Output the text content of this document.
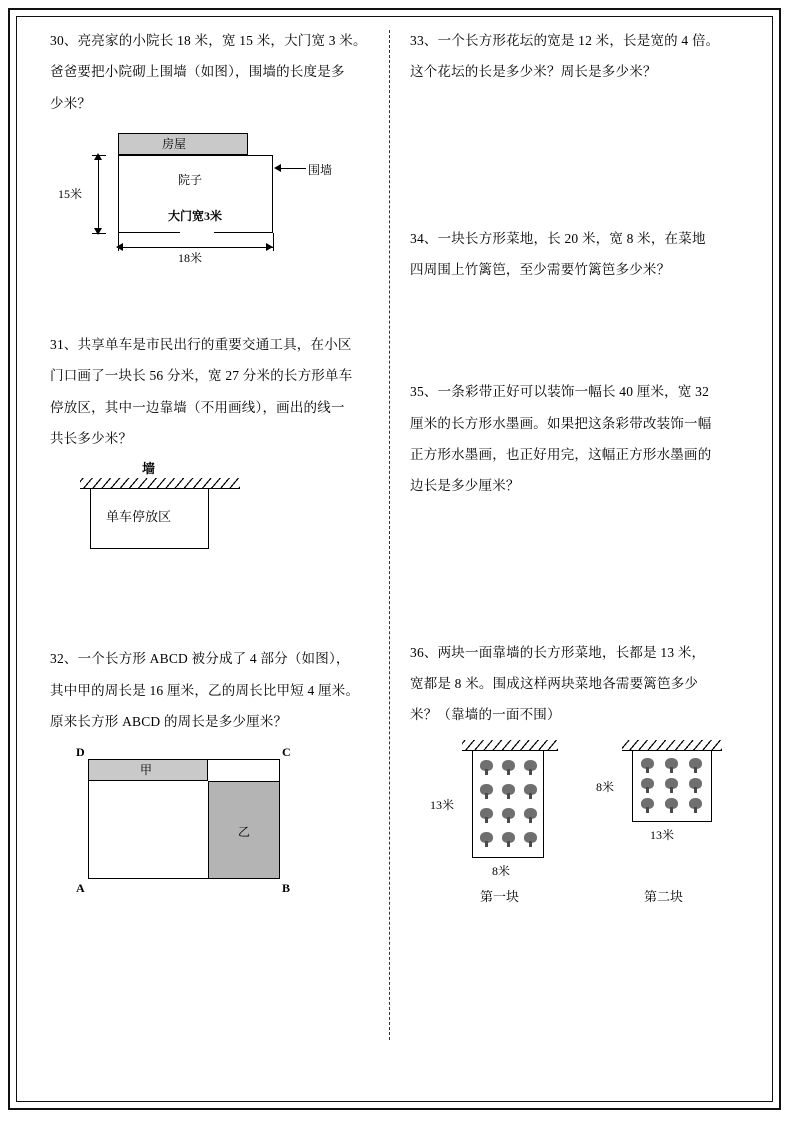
30、亮亮家的小院长 18 米，宽 15 米，大门宽 3 米。

爸爸要把小院砌上围墙（如图），围墙的长度是多

少米？

房屋
院子
大门宽3米
围墙
15米
18米

31、共享单车是市民出行的重要交通工具，在小区

门口画了一块长 56 分米，宽 27 分米的长方形单车

停放区，其中一边靠墙（不用画线），画出的线一

共长多少米？

墙
单车停放区

32、一个长方形 ABCD 被分成了 4 部分（如图），

其中甲的周长是 16 厘米，乙的周长比甲短 4 厘米。

原来长方形 ABCD 的周长是多少厘米？

甲
乙
D	C
A	B

33、一个长方形花坛的宽是 12 米，长是宽的 4 倍。

这个花坛的长是多少米？周长是多少米？

34、一块长方形菜地，长 20 米，宽 8 米，在菜地

四周围上竹篱笆，至少需要竹篱笆多少米？

35、一条彩带正好可以装饰一幅长 40 厘米，宽 32

厘米的长方形水墨画。如果把这条彩带改装饰一幅

正方形水墨画，也正好用完，这幅正方形水墨画的

边长是多少厘米？

36、两块一面靠墙的长方形菜地，长都是 13 米，

宽都是 8 米。围成这样两块菜地各需要篱笆多少

米？（靠墙的一面不围）

13米
8米
第一块
8米
13米
第二块
